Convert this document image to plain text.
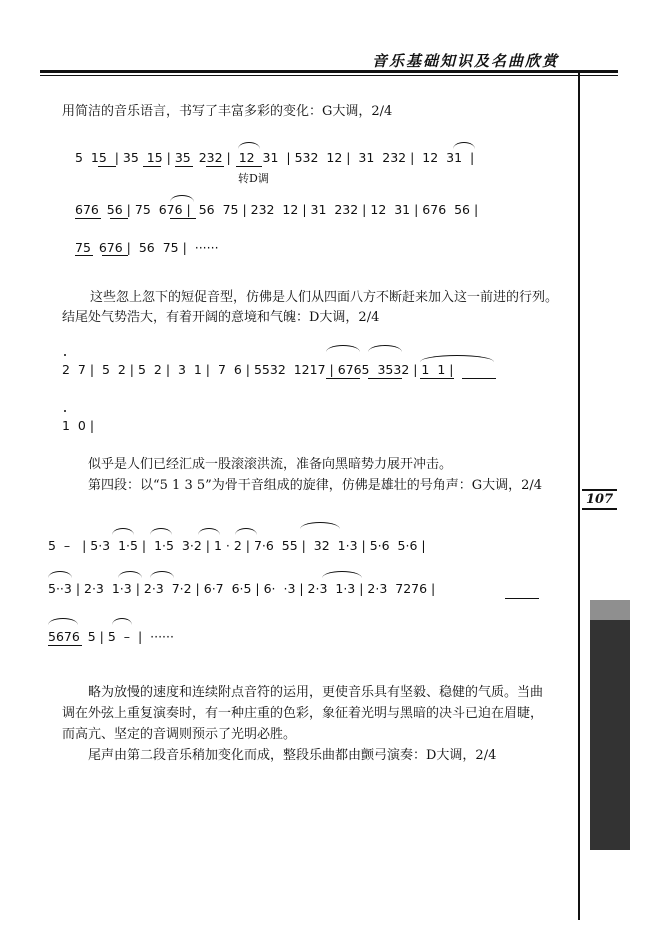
音乐基础知识及名曲欣赏
107
用简洁的音乐语言，书写了丰富多彩的变化：G大调，2/4
5  15  | 35  15 | 35  232 |  12  31  | 532  12 |  31  232 |  12  31  |
转D调
676  56 | 75  676 |  56  75 | 232  12 | 31  232 | 12  31 | 676  56 |
75  676 |  56  75 |  ······
这些忽上忽下的短促音型，仿佛是人们从四面八方不断赶来加入这一前进的行列。
结尾处气势浩大，有着开阔的意境和气魄：D大调，2/4
2  7 |  5  2 | 5  2 |  3  1 |  7  6 | 5532  1217 | 6765  3532 | 1  1 |
1  0 |
似乎是人们已经汇成一股滚滚洪流，准备向黑暗势力展开冲击。
第四段：以“5 1 3 5”为骨干音组成的旋律，仿佛是雄壮的号角声：G大调，2/4
5  –   | 5·3  1·5 |  1·5  3·2 | 1 · 2 | 7·6  55 |  32  1·3 | 5·6  5·6 |
5··3 | 2·3  1·3 | 2·3  7·2 | 6·7  6·5 | 6·  ·3 | 2·3  1·3 | 2·3  7276 |
5676  5 | 5  –  |  ······
略为放慢的速度和连续附点音符的运用，更使音乐具有坚毅、稳健的气质。当曲
调在外弦上重复演奏时，有一种庄重的色彩，象征着光明与黑暗的决斗已迫在眉睫，
而高亢、坚定的音调则预示了光明必胜。
尾声由第二段音乐稍加变化而成，整段乐曲都由颤弓演奏：D大调，2/4
